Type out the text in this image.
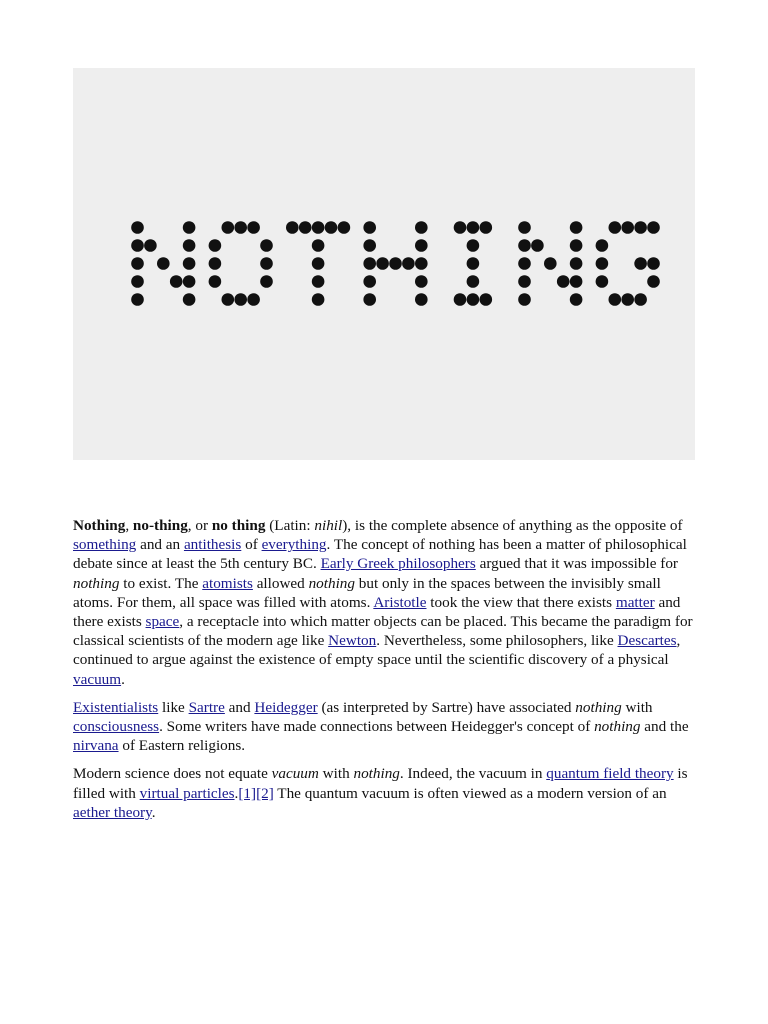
Nothing, no-thing, or no thing (Latin: nihil), is the complete absence of anything as the opposite of something and an antithesis of everything. The concept of nothing has been a matter of philosophical debate since at least the 5th century BC. Early Greek philosophers argued that it was impossible for nothing to exist. The atomists allowed nothing but only in the spaces between the invisibly small atoms. For them, all space was filled with atoms. Aristotle took the view that there exists matter and there exists space, a receptacle into which matter objects can be placed. This became the paradigm for classical scientists of the modern age like Newton. Nevertheless, some philosophers, like Descartes, continued to argue against the existence of empty space until the scientific discovery of a physical vacuum.

Existentialists like Sartre and Heidegger (as interpreted by Sartre) have associated nothing with consciousness. Some writers have made connections between Heidegger's concept of nothing and the nirvana of Eastern religions.

Modern science does not equate vacuum with nothing. Indeed, the vacuum in quantum field theory is filled with virtual particles.[1][2] The quantum vacuum is often viewed as a modern version of an aether theory.
